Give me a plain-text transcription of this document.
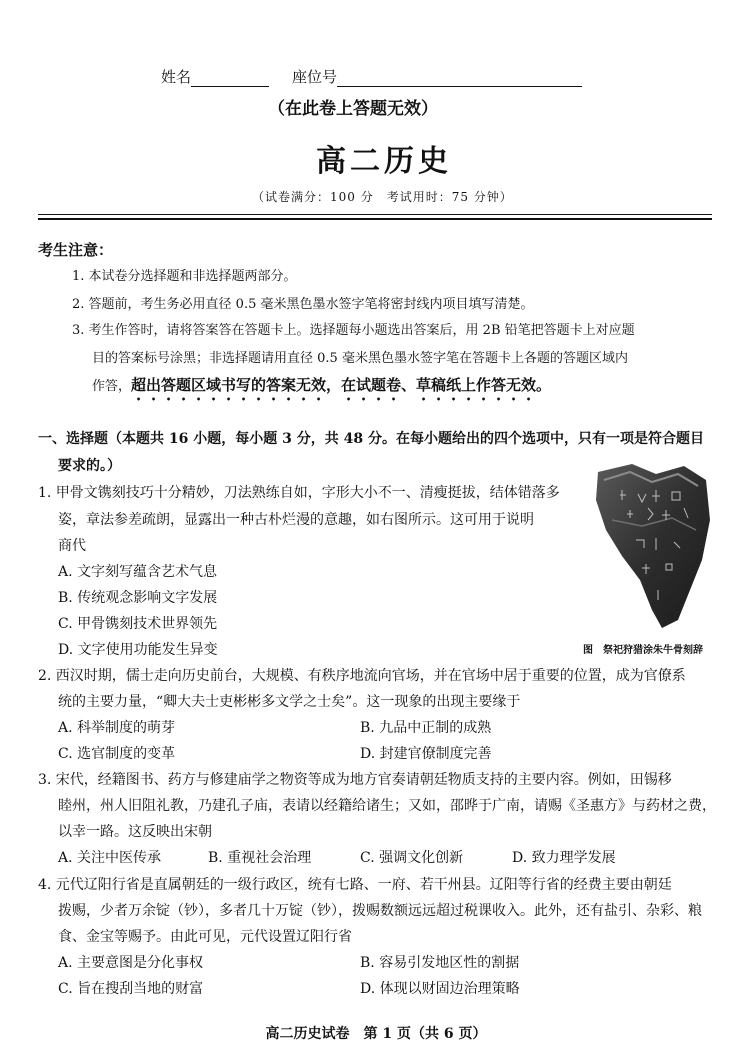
姓名	座位号
（在此卷上答题无效）
高二历史
（试卷满分：100 分　考试用时：75 分钟）
考生注意：
1. 本试卷分选择题和非选择题两部分。
2. 答题前，考生务必用直径 0.5 毫米黑色墨水签字笔将密封线内项目填写清楚。
3. 考生作答时，请将答案答在答题卡上。选择题每小题选出答案后，用 2B 铅笔把答题卡上对应题
目的答案标号涂黑；非选择题请用直径 0.5 毫米黑色墨水签字笔在答题卡上各题的答题区域内
作答，超出答题区域书写的答案无效，在试题卷、草稿纸上作答无效。
一、选择题（本题共 16 小题，每小题 3 分，共 48 分。在每小题给出的四个选项中，只有一项是符合题目
要求的。）
1. 甲骨文镌刻技巧十分精妙，刀法熟练自如，字形大小不一、清瘦挺拔，结体错落多
姿，章法参差疏朗，显露出一种古朴烂漫的意趣，如右图所示。这可用于说明
商代
A. 文字刻写蕴含艺术气息
B. 传统观念影响文字发展
C. 甲骨镌刻技术世界领先
D. 文字使用功能发生异变	图　祭祀狩猎涂朱牛骨刻辞
2. 西汉时期，儒士走向历史前台，大规模、有秩序地流向官场，并在官场中居于重要的位置，成为官僚系
统的主要力量，“卿大夫士吏彬彬多文学之士矣”。这一现象的出现主要缘于
A. 科举制度的萌芽	B. 九品中正制的成熟
C. 选官制度的变革	D. 封建官僚制度完善
3. 宋代，经籍图书、药方与修建庙学之物资等成为地方官奏请朝廷物质支持的主要内容。例如，田锡移
睦州，州人旧阻礼教，乃建孔子庙，表请以经籍给诸生；又如，邵晔于广南，请赐《圣惠方》与药材之费，
以幸一路。这反映出宋朝
A. 关注中医传承	B. 重视社会治理	C. 强调文化创新	D. 致力理学发展
4. 元代辽阳行省是直属朝廷的一级行政区，统有七路、一府、若干州县。辽阳等行省的经费主要由朝廷
拨赐，少者万余锭（钞），多者几十万锭（钞），拨赐数额远远超过税课收入。此外，还有盐引、杂彩、粮
食、金宝等赐予。由此可见，元代设置辽阳行省
A. 主要意图是分化事权	B. 容易引发地区性的割据
C. 旨在搜刮当地的财富	D. 体现以财固边治理策略
高二历史试卷　第 1 页（共 6 页）
